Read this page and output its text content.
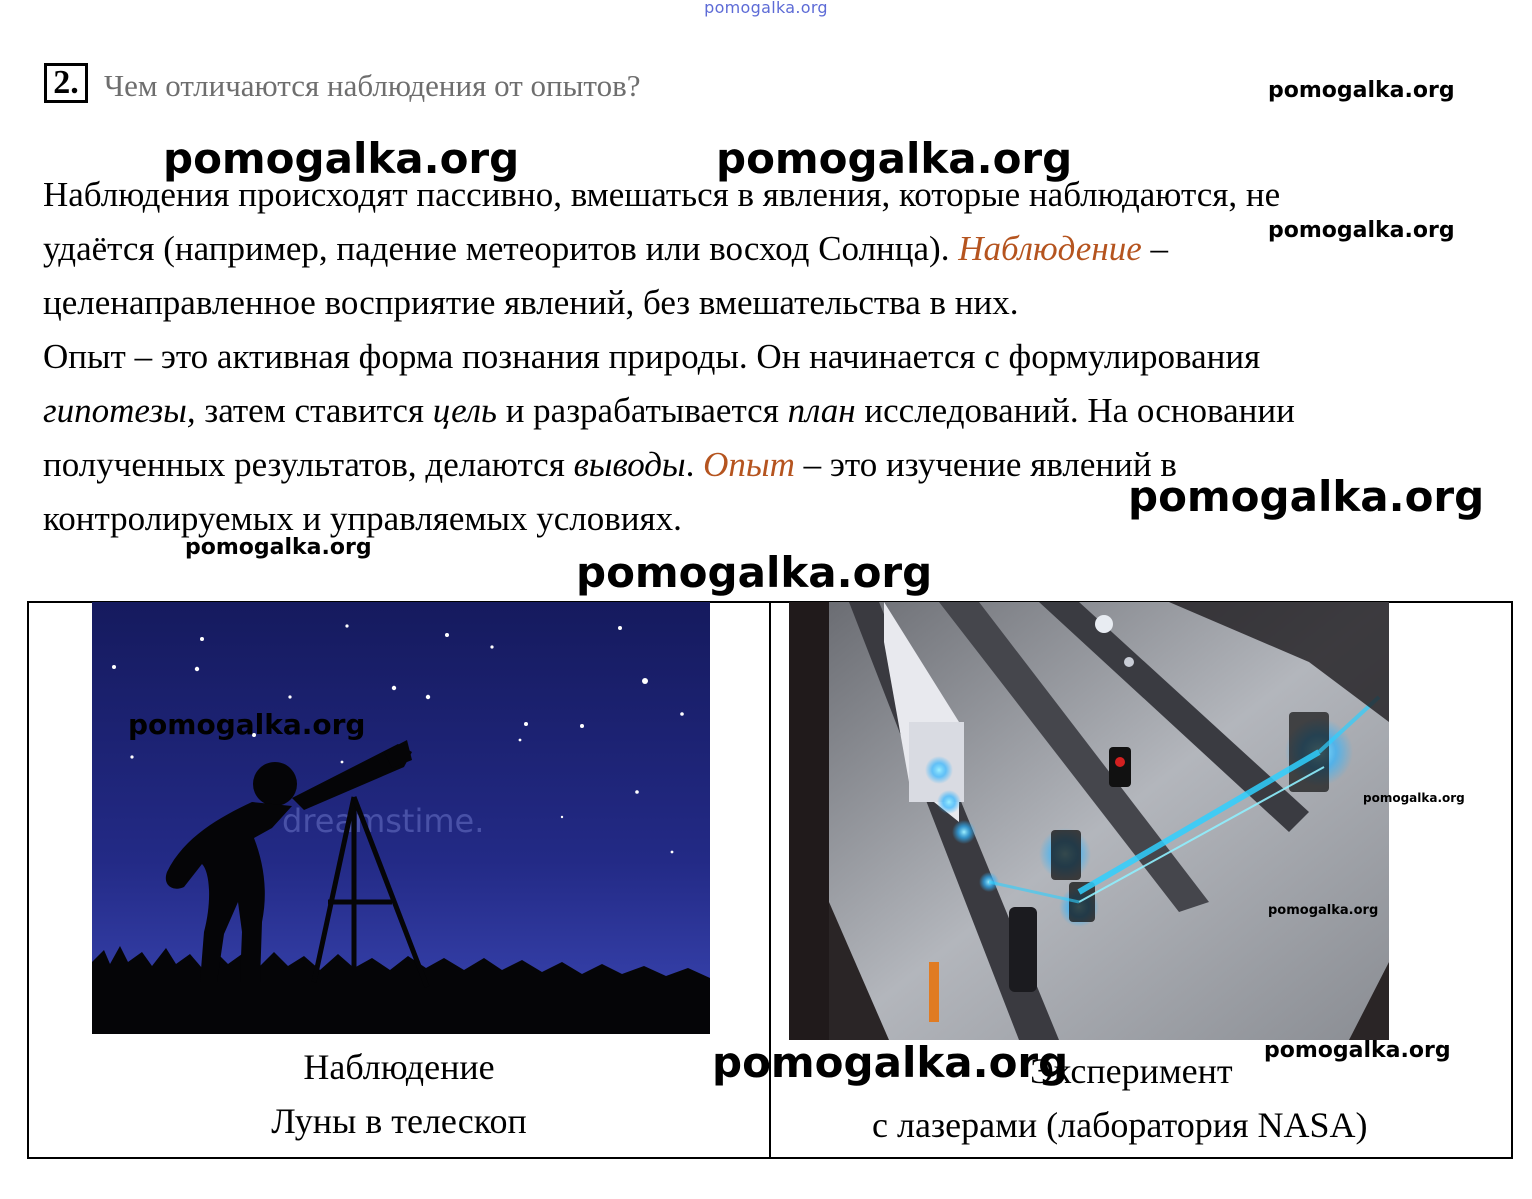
pomogalka.org
2. Чем отличаются наблюдения от опытов?
Наблюдения происходят пассивно, вмешаться в явления, которые наблюдаются, не
удаётся (например, падение метеоритов или восход Солнца). Наблюдение –
целенаправленное восприятие явлений, без вмешательства в них.
Опыт – это активная форма познания природы. Он начинается с формулирования
гипотезы, затем ставится цель и разрабатывается план исследований. На основании
полученных результатов, делаются выводы. Опыт – это изучение явлений в
контролируемых и управляемых условиях.
dreamstime.
Наблюдение
Луны в телескоп
Эксперимент
с лазерами (лаборатория NASA)
pomogalka.org
pomogalka.org	pomogalka.org
pomogalka.org
pomogalka.org
pomogalka.org
pomogalka.org
pomogalka.org
pomogalka.org
pomogalka.org
pomogalka.org	pomogalka.org
